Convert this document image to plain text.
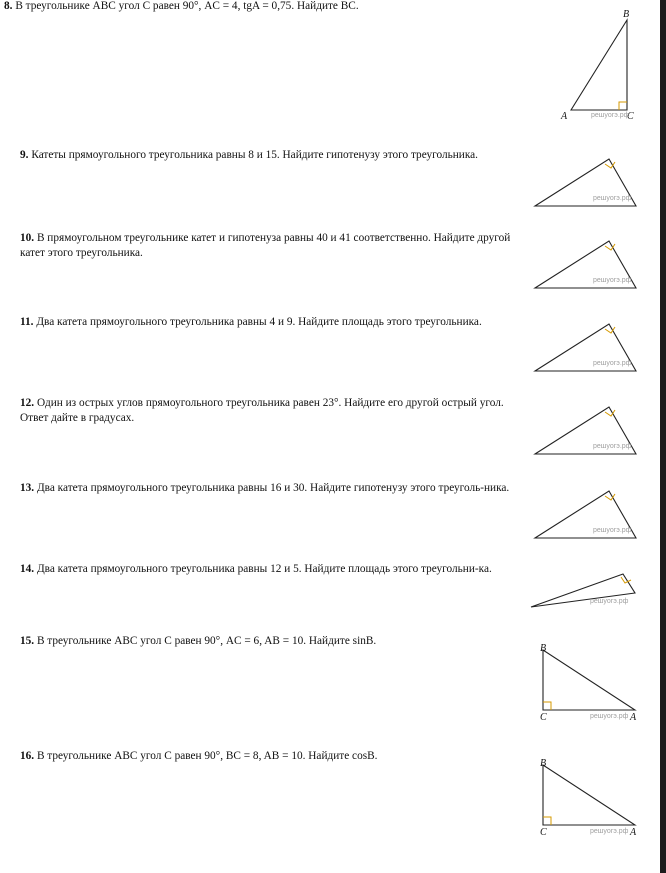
8. В треугольнике ABC угол C равен 90°, AC = 4, tgA = 0,75. Найдите BC.
B
A	C
решуогэ.рф
9. Катеты прямоугольного треугольника равны 8 и 15. Найдите гипотенузу этого треугольника.
решуогэ.рф
10. В прямоугольном треугольнике катет и гипотенуза равны 40 и 41 соответственно. Найдите другой катет этого треугольника.
решуогэ.рф
11. Два катета прямоугольного треугольника равны 4 и 9. Найдите площадь этого треугольника.
решуогэ.рф
12. Один из острых углов прямоугольного треугольника равен 23°. Найдите его другой острый угол. Ответ дайте в градусах.
решуогэ.рф
13. Два катета прямоугольного треугольника равны 16 и 30. Найдите гипотенузу этого треуголь-ника.
решуогэ.рф
14. Два катета прямоугольного треугольника равны 12 и 5. Найдите площадь этого треугольни-ка.
решуогэ.рф
15. В треугольнике ABC угол C равен 90°, AC = 6, AB = 10. Найдите sinB.
B
C	A
решуогэ.рф
16. В треугольнике ABC угол C равен 90°, BC = 8, AB = 10. Найдите cosB.
B
C	A
решуогэ.рф
